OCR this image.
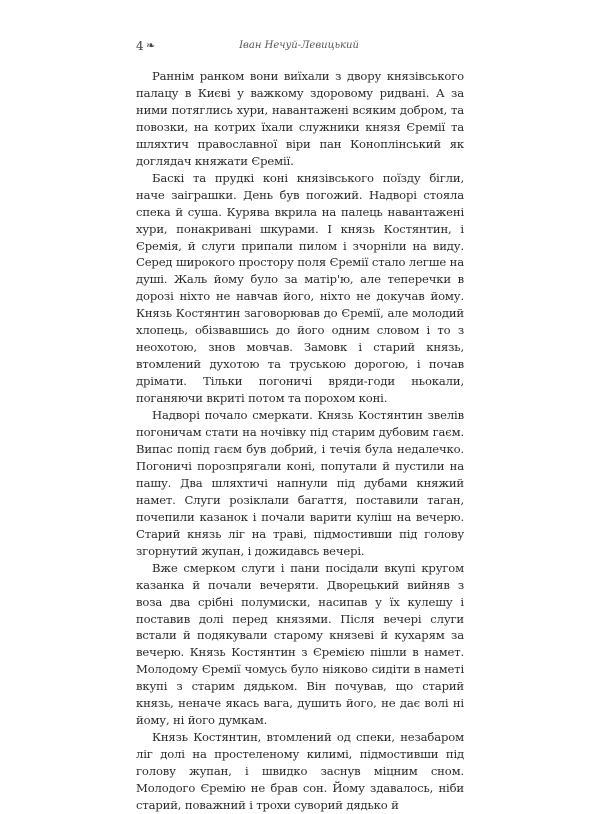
4 ❧	Іван Нечуй-Левицький

Раннім ранком вони виїхали з двору князівського палацу в Києві у важкому здоровому ридвані. А за ними потяглись хури, навантажені всяким добром, та повозки, на котрих їхали служники князя Єремії та шляхтич православної віри пан Коноплінський як доглядач княжати Єремії.

Баскі та прудкі коні князівського поїзду бігли, наче заіграшки. День був погожий. Надворі стояла спека й суша. Курява вкрила на палець навантажені хури, понакривані шкурами. І князь Костянтин, і Єремія, й слуги припали пилом і зчорніли на виду. Серед широкого простору поля Єремії стало легше на душі. Жаль йому було за матір'ю, але теперечки в дорозі ніхто не навчав його, ніхто не докучав йому. Князь Костянтин заговорював до Єремії, але молодий хлопець, обізвавшись до його одним словом і то з неохотою, знов мовчав. Замовк і старий князь, втомлений духотою та труською дорогою, і почав дрімати. Тільки погоничі вряди-годи ньокали, поганяючи вкриті потом та порохом коні.

Надворі почало смеркати. Князь Костянтин звелів погоничам стати на ночівку під старим дубовим гаєм. Випас попід гаєм був добрий, і течія була недалечко. Погоничі порозпрягали коні, попутали й пустили на пашу. Два шляхтичі напнули під дубами княжий намет. Слуги розіклали багаття, поставили таган, почепили казанок і почали варити куліш на вечерю. Старий князь ліг на траві, підмостивши під голову згорнутий жупан, і дожидавсь вечері.

Вже смерком слуги і пани посідали вкупі кругом казанка й почали вечеряти. Дворецький вийняв з воза два срібні полумиски, насипав у їх кулешу і поставив долі перед князями. Після вечері слуги встали й подякували старому князеві й кухарям за вечерю. Князь Костянтин з Єремією пішли в намет. Молодому Єремії чомусь було ніяково сидіти в наметі вкупі з старим дядьком. Він почував, що старий князь, неначе якась вага, душить його, не дає волі ні йому, ні його думкам.

Князь Костянтин, втомлений од спеки, незабаром ліг долі на простеленому килимі, підмостивши під голову жупан, і швидко заснув міцним сном. Молодого Єремію не брав сон. Йому здавалось, ніби старий, поважний і трохи суворий дядько й
